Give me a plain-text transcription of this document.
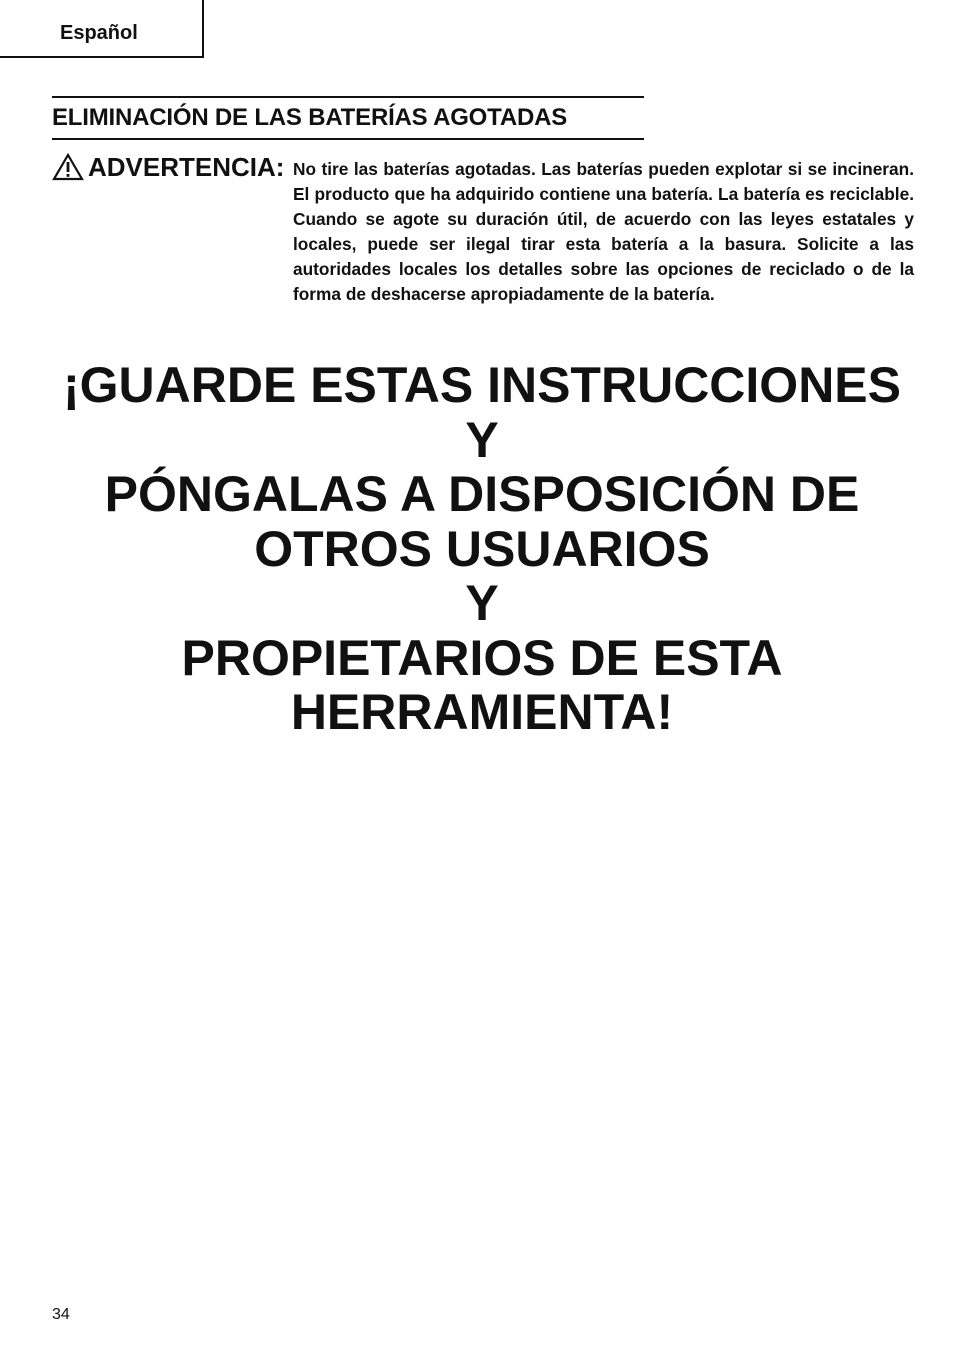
Español
ELIMINACIÓN DE LAS BATERÍAS AGOTADAS
ADVERTENCIA: No tire las baterías agotadas. Las baterías pueden explotar si se incineran. El producto que ha adquirido contiene una batería. La batería es reciclable. Cuando se agote su duración útil, de acuerdo con las leyes estatales y locales, puede ser ilegal tirar esta batería a la basura. Solicite a las autoridades locales los detalles sobre las opciones de reciclado o de la forma de deshacerse apropiadamente de la batería.

¡GUARDE ESTAS INSTRUCCIONES
Y
PÓNGALAS A DISPOSICIÓN DE
OTROS USUARIOS
Y
PROPIETARIOS DE ESTA
HERRAMIENTA!
34
